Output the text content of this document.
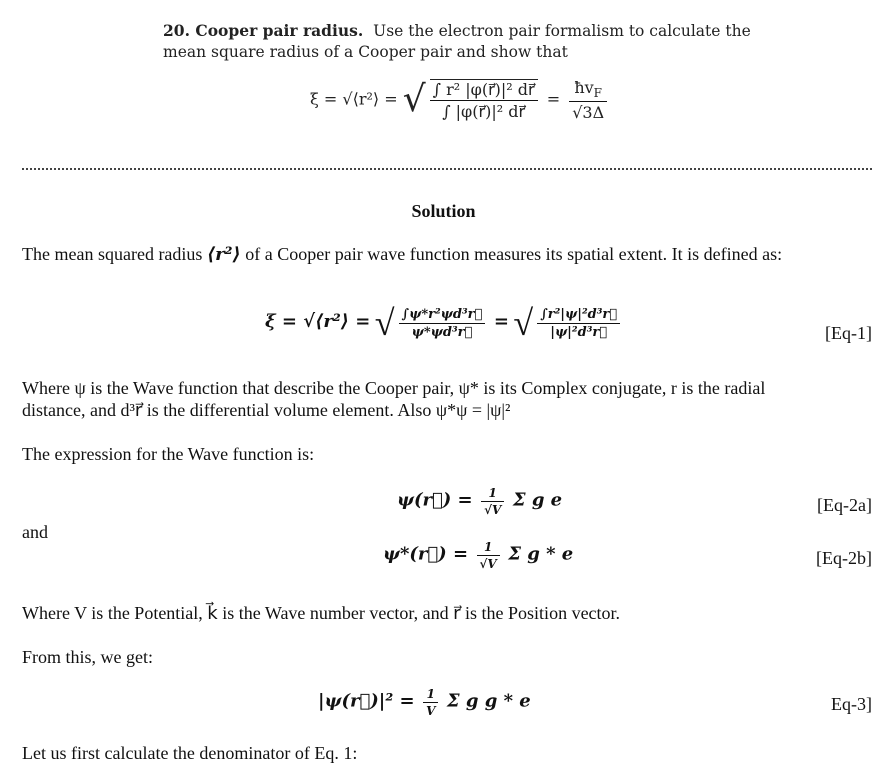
20. Cooper pair radius. Use the electron pair formalism to calculate the
mean square radius of a Cooper pair and show that
ξ = √⟨r²⟩ = √ $\frac{\text{∫ r² |φ(r⃗)|² dr⃗}}{\text{∫ |φ(r⃗)|² dr⃗}} = \frac{ħv_F}{√3\Delta}$
Solution
The mean squared radius ⟨r²⟩ of a Cooper pair wave function measures its spatial extent. It is defined as:
ξ = √⟨r²⟩ = √ $\frac{\text{∫ψ*r²ψd³r⃗}}{\text{ψ*ψd³r⃗}}$ = √ $\frac{\text{∫r²|ψ|²d³r⃗}}{\text{|ψ|²d³r⃗}}$	[Eq-1]
Where ψ is the Wave function that describe the Cooper pair, ψ* is its Complex conjugate, r is the radial
distance, and d³r⃗ is the differential volume element. Also ψ*ψ = |ψ|²
The expression for the Wave function is:
ψ(r⃗) = $\frac{1}{√V}$ Σ g e	[Eq-2a]
and
ψ*(r⃗) = $\frac{1}{√V}$ Σ g * e	[Eq-2b]
Where V is the Potential, k⃗ is the Wave number vector, and r⃗ is the Position vector.
From this, we get:
|ψ(r⃗)|² = $\frac{1}{V}$ Σ g g * e	Eq-3]
Let us first calculate the denominator of Eq. 1:
